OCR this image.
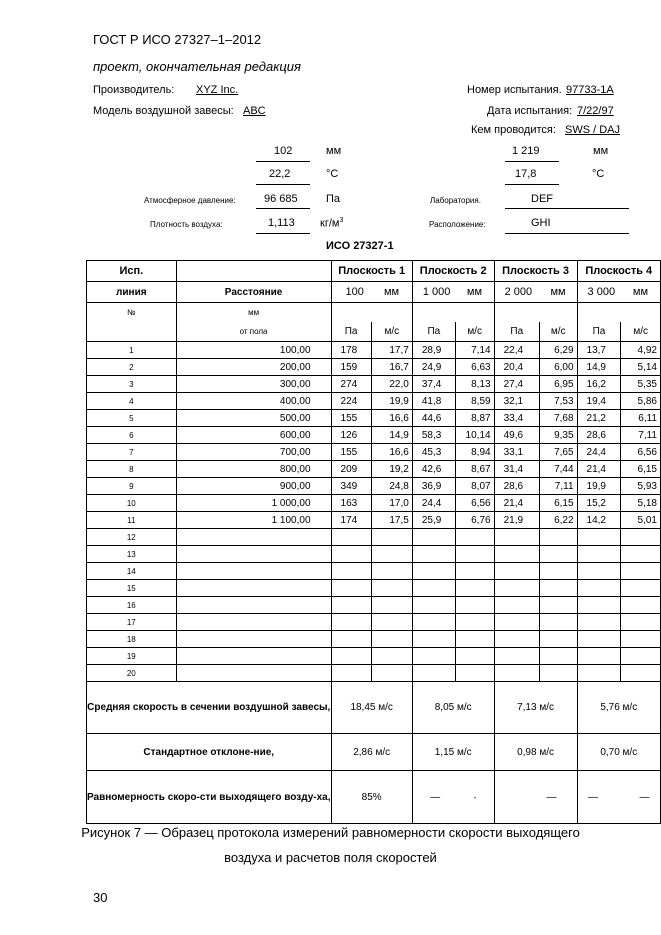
ГОСТ Р ИСО 27327–1–2012
проект, окончательная редакция
Производитель: XYZ Inc.
Модель воздушной завесы: ABC
Номер испытания. 97733-1A
Дата испытания: 7/22/97
Кем проводится: SWS / DAJ
102	мм
22,2	°C
Атмосферное давление:	96 685	Па
Плотность воздуха:	1,113 $кг/м^3$
1 219	мм
17,8	°C
Лаборатория.	DEF
Расположение:	GHI
ИСО 27327-1
Исп.		Плоскость 1		Плоскость 2		Плоскость 3		Плоскость 4	
линия	Расстояние	100	мм	1 000	мм	2 000	мм	3 000	мм
№	мм								
	от пола	Па	м/с	Па	м/с	Па	м/с	Па	м/с
1	100,00	178	17,7	28,9	7,14	22,4	6,29	13,7	4,92
2	200,00	159	16,7	24,9	6,63	20,4	6,00	14,9	5,14
3	300,00	274	22,0	37,4	8,13	27,4	6,95	16,2	5,35
4	400,00	224	19,9	41,8	8,59	32,1	7,53	19,4	5,86
5	500,00	155	16,6	44,6	8,87	33,4	7,68	21,2	6,11
6	600,00	126	14,9	58,3	10,14	49,6	9,35	28,6	7,11
7	700,00	155	16,6	45,3	8,94	33,1	7,65	24,4	6,56
8	800,00	209	19,2	42,6	8,67	31,4	7,44	21,4	6,15
9	900,00	349	24,8	36,9	8,07	28,6	7,11	19,9	5,93
10	1 000,00	163	17,0	24,4	6,56	21,4	6,15	15,2	5,18
11	1 100,00	174	17,5	25,9	6,76	21,9	6,22	14,2	5,01
12									
13									
14									
15									
16									
17									
18									
19									
20									
Средняя скорость в сечении воздушной завесы,		18,45 м/с		8,05 м/с		7,13 м/с		5,76 м/с	
Стандартное отклоне-ние,		2,86 м/с		1,15 м/с		0,98 м/с		0,70 м/с	
Равномерность скоро-сти выходящего возду-ха,		85%		— -		—		— —	
Рисунок 7 — Образец протокола измерений равномерности скорости выходящего
воздуха и расчетов поля скоростей
30
